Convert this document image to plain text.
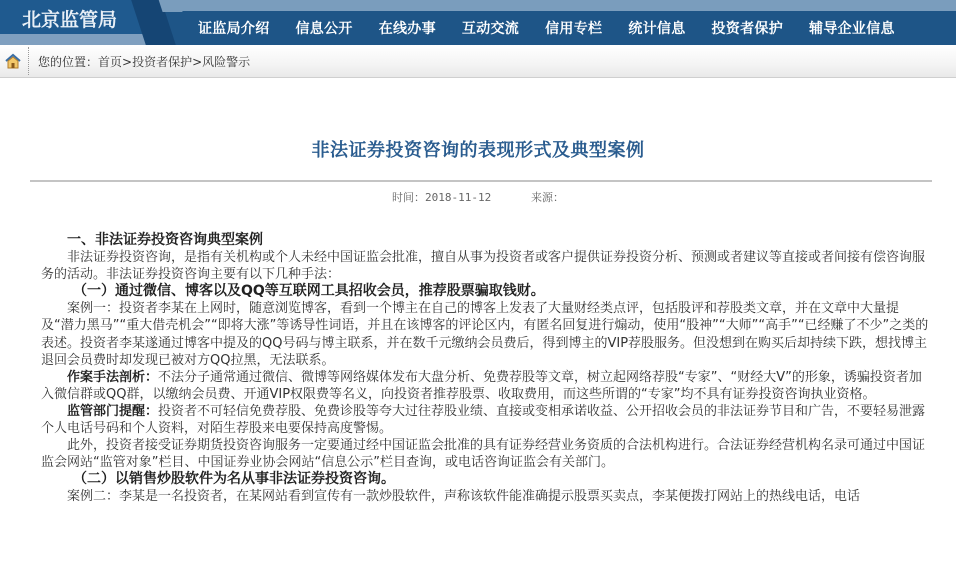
北京监管局	证监局介绍 信息公开 在线办事 互动交流 信用专栏 统计信息 投资者保护 辅导企业信息
您的位置：首页>投资者保护>风险警示
非法证券投资咨询的表现形式及典型案例
时间：2018-11-12	来源：

一、非法证券投资咨询典型案例

非法证券投资咨询，是指有关机构或个人未经中国证监会批准，擅自从事为投资者或客户提供证券投资分析、预测或者建议等直接或者间接有偿咨询服务的活动。非法证券投资咨询主要有以下几种手法：

（一）通过微信、博客以及QQ等互联网工具招收会员，推荐股票骗取钱财。

案例一：投资者李某在上网时，随意浏览博客，看到一个博主在自己的博客上发表了大量财经类点评，包括股评和荐股类文章，并在文章中大量提及“潜力黑马”“重大借壳机会”“即将大涨”等诱导性词语，并且在该博客的评论区内，有匿名回复进行煽动，使用“股神”“大师”“高手”“已经赚了不少”之类的表述。投资者李某遂通过博客中提及的QQ号码与博主联系，并在数千元缴纳会员费后，得到博主的VIP荐股服务。但没想到在购买后却持续下跌，想找博主退回会员费时却发现已被对方QQ拉黑，无法联系。

作案手法剖析：不法分子通常通过微信、微博等网络媒体发布大盘分析、免费荐股等文章，树立起网络荐股“专家”、“财经大V”的形象，诱骗投资者加入微信群或QQ群，以缴纳会员费、开通VIP权限费等名义，向投资者推荐股票、收取费用，而这些所谓的“专家”均不具有证券投资咨询执业资格。

监管部门提醒：投资者不可轻信免费荐股、免费诊股等夸大过往荐股业绩、直接或变相承诺收益、公开招收会员的非法证券节目和广告，不要轻易泄露个人电话号码和个人资料，对陌生荐股来电要保持高度警惕。

此外，投资者接受证券期货投资咨询服务一定要通过经中国证监会批准的具有证券经营业务资质的合法机构进行。合法证券经营机构名录可通过中国证监会网站“监管对象”栏目、中国证券业协会网站“信息公示”栏目查询，或电话咨询证监会有关部门。

（二）以销售炒股软件为名从事非法证券投资咨询。

案例二：李某是一名投资者，在某网站看到宣传有一款炒股软件，声称该软件能准确提示股票买卖点，李某便拨打网站上的热线电话，电话
